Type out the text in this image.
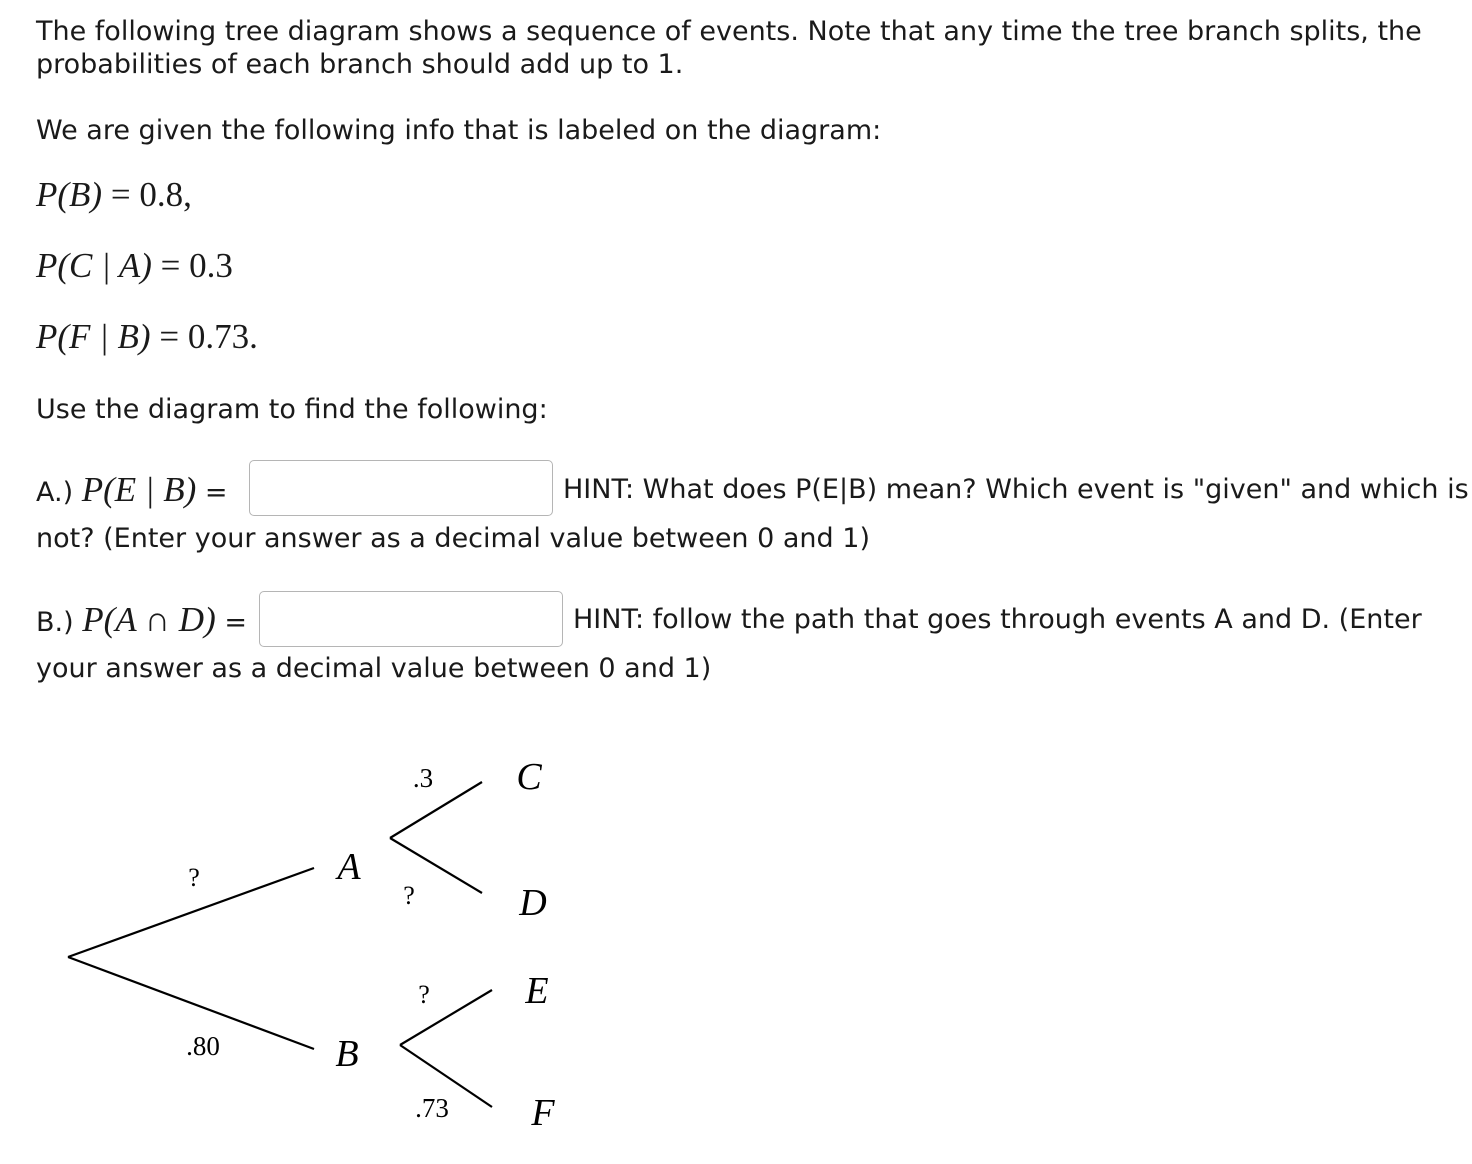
The following tree diagram shows a sequence of events. Note that any time the tree branch splits, the
probabilities of each branch should add up to 1.
We are given the following info that is labeled on the diagram:
P(B) = 0.8,
P(C | A) = 0.3
P(F | B) = 0.73.
Use the diagram to find the following:
A.) P(E | B) =	HINT: What does P(E|B) mean? Which event is "given" and which is
not? (Enter your answer as a decimal value between 0 and 1)
B.) P(A ∩ D) =	HINT: follow the path that goes through events A and D. (Enter
your answer as a decimal value between 0 and 1)
?
.80
A
B
.3
?
?
.73
C
D
E
F
